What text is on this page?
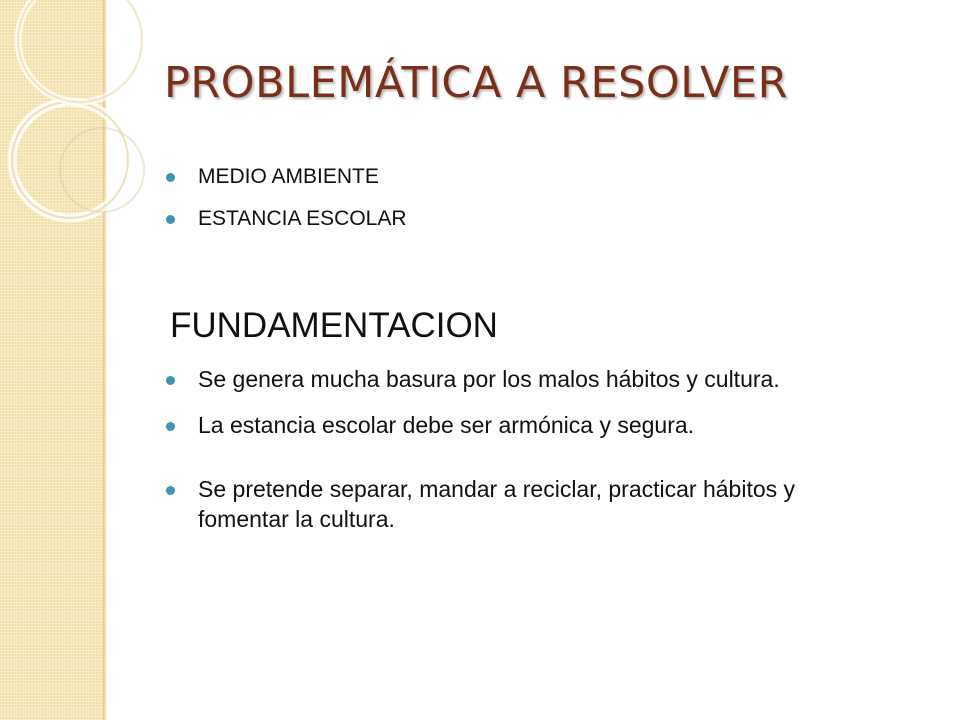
PROBLEMÁTICA A RESOLVER
MEDIO AMBIENTE
ESTANCIA ESCOLAR
FUNDAMENTACION
Se genera mucha basura por los malos hábitos y cultura.
La estancia escolar debe ser armónica y segura.
Se pretende separar, mandar a reciclar, practicar hábitos y fomentar la cultura.
